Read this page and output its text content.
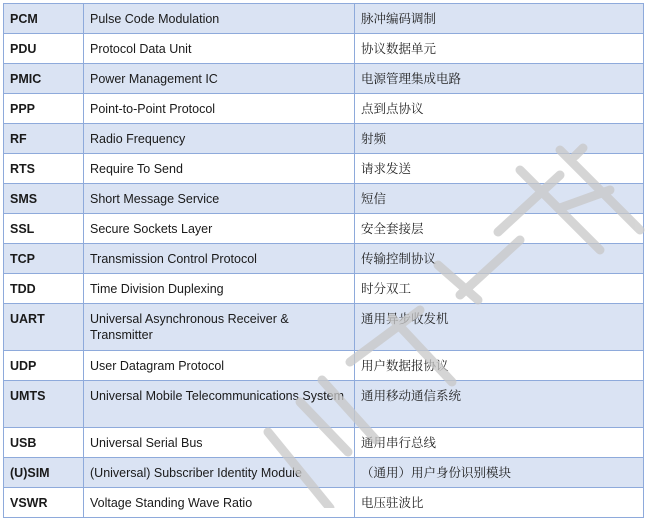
PCM	Pulse Code Modulation	脉冲编码调制
PDU	Protocol Data Unit	协议数据单元
PMIC	Power Management IC	电源管理集成电路
PPP	Point-to-Point Protocol	点到点协议
RF	Radio Frequency	射频
RTS	Require To Send	请求发送
SMS	Short Message Service	短信
SSL	Secure Sockets Layer	安全套接层
TCP	Transmission Control Protocol	传输控制协议
TDD	Time Division Duplexing	时分双工
UART	Universal Asynchronous Receiver & Transmitter	通用异步收发机
UDP	User Datagram Protocol	用户数据报协议
UMTS	Universal Mobile Telecommunications System	通用移动通信系统
USB	Universal Serial Bus	通用串行总线
(U)SIM	(Universal) Subscriber Identity Module	（通用）用户身份识别模块
VSWR	Voltage Standing Wave Ratio	电压驻波比
